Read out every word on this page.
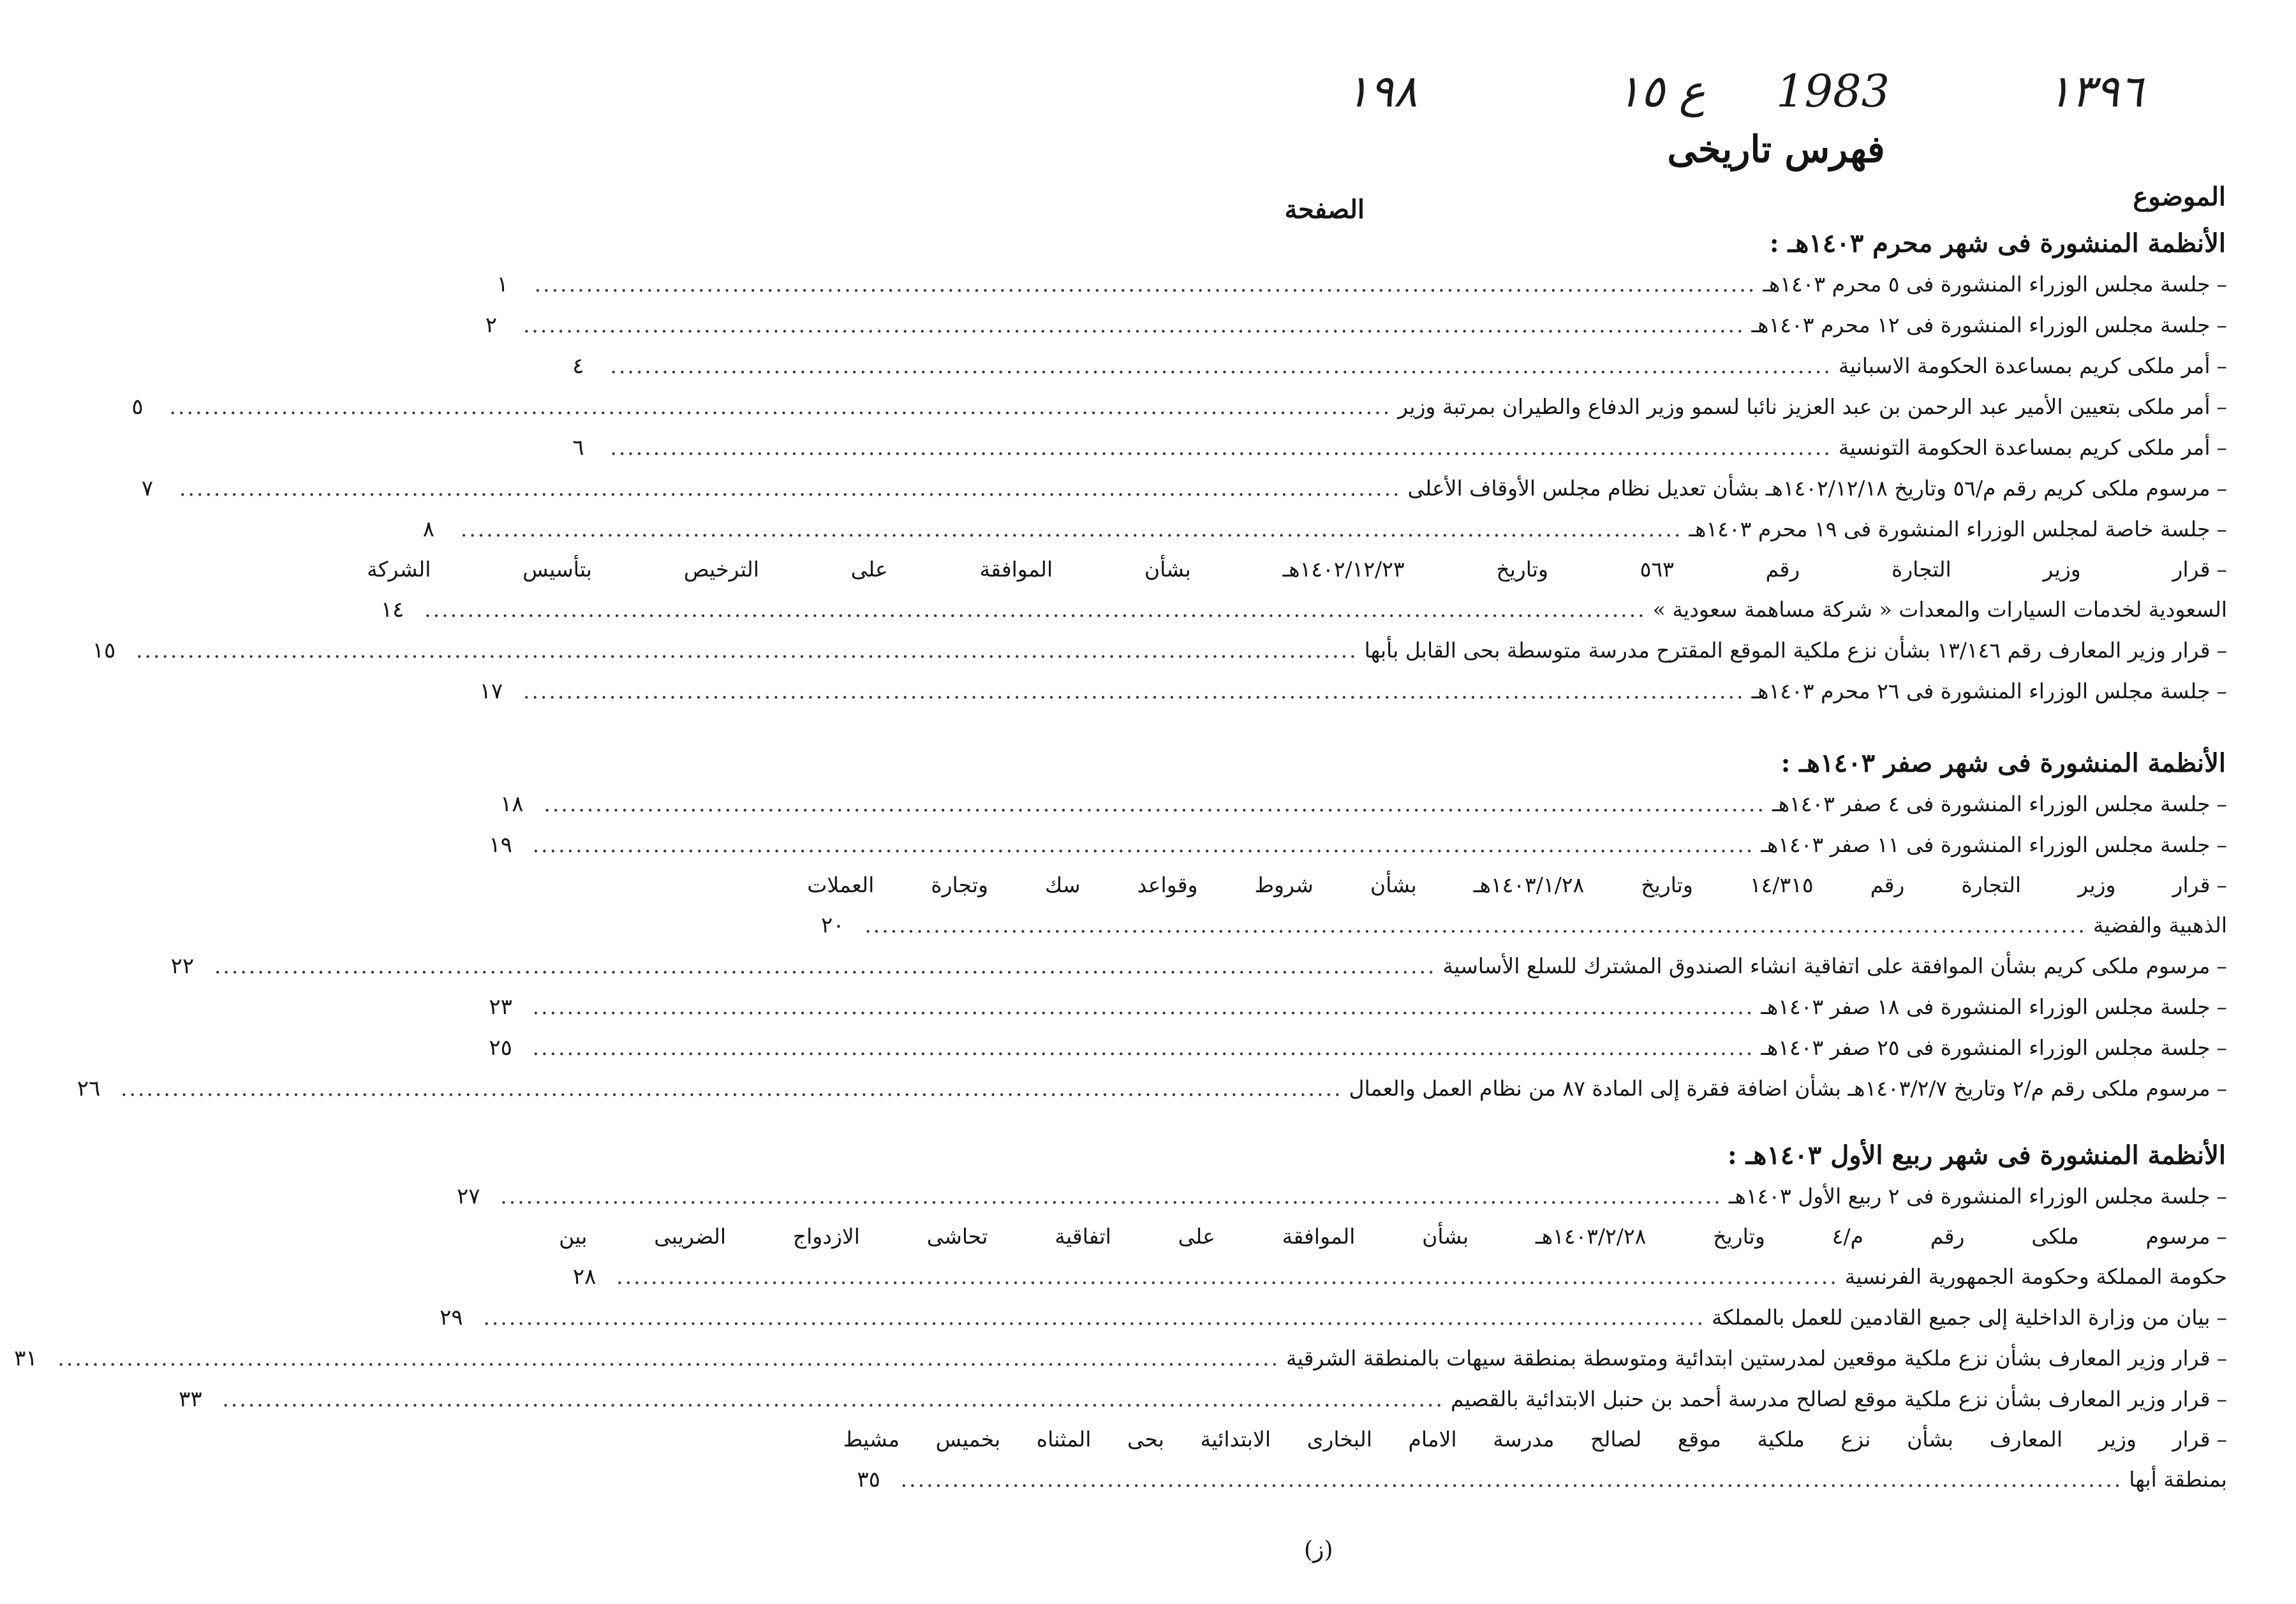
١٩٨	ع ١٥ 1983	١٣٩٦
فهرس تاريخى
الموضوع
الصفحة
الأنظمة المنشورة فى شهر محرم ١٤٠٣هـ :
–جلسة مجلس الوزراء المنشورة فى ٥ محرم ١٤٠٣هـ
..............................................................................................................................................
١
–جلسة مجلس الوزراء المنشورة فى ١٢ محرم ١٤٠٣هـ
..............................................................................................................................................
٢
–أمر ملكى كريم بمساعدة الحكومة الاسبانية
..............................................................................................................................................
٤
–أمر ملكى بتعيين الأمير عبد الرحمن بن عبد العزيز نائبا لسمو وزير الدفاع والطيران بمرتبة وزير
..............................................................................................................................................
٥
–أمر ملكى كريم بمساعدة الحكومة التونسية
..............................................................................................................................................
٦
–مرسوم ملكى كريم رقم م/٥٦ وتاريخ ١٤٠٢/١٢/١٨هـ بشأن تعديل نظام مجلس الأوقاف الأعلى
..............................................................................................................................................
٧
–جلسة خاصة لمجلس الوزراء المنشورة فى ١٩ محرم ١٤٠٣هـ
..............................................................................................................................................
٨
–قرار وزير التجارة رقم ٥٦٣ وتاريخ ١٤٠٢/١٢/٢٣هـ بشأن الموافقة على الترخيص بتأسيس الشركة
السعودية لخدمات السيارات والمعدات « شركة مساهمة سعودية »
..............................................................................................................................................
١٤
–قرار وزير المعارف رقم ١٣/١٤٦ بشأن نزع ملكية الموقع المقترح مدرسة متوسطة بحى القابل بأبها
..............................................................................................................................................
١٥
–جلسة مجلس الوزراء المنشورة فى ٢٦ محرم ١٤٠٣هـ
..............................................................................................................................................
١٧
الأنظمة المنشورة فى شهر صفر ١٤٠٣هـ :
–جلسة مجلس الوزراء المنشورة فى ٤ صفر ١٤٠٣هـ
..............................................................................................................................................
١٨
–جلسة مجلس الوزراء المنشورة فى ١١ صفر ١٤٠٣هـ
..............................................................................................................................................
١٩
–قرار وزير التجارة رقم ١٤/٣١٥ وتاريخ ١٤٠٣/١/٢٨هـ بشأن شروط وقواعد سك وتجارة العملات
الذهبية والفضية
..............................................................................................................................................
٢٠
–مرسوم ملكى كريم بشأن الموافقة على اتفاقية انشاء الصندوق المشترك للسلع الأساسية
..............................................................................................................................................
٢٢
–جلسة مجلس الوزراء المنشورة فى ١٨ صفر ١٤٠٣هـ
..............................................................................................................................................
٢٣
–جلسة مجلس الوزراء المنشورة فى ٢٥ صفر ١٤٠٣هـ
..............................................................................................................................................
٢٥
–مرسوم ملكى رقم م/٢ وتاريخ ١٤٠٣/٢/٧هـ بشأن اضافة فقرة إلى المادة ٨٧ من نظام العمل والعمال
..............................................................................................................................................
٢٦
الأنظمة المنشورة فى شهر ربيع الأول ١٤٠٣هـ :
–جلسة مجلس الوزراء المنشورة فى ٢ ربيع الأول ١٤٠٣هـ
..............................................................................................................................................
٢٧
–مرسوم ملكى رقم م/٤ وتاريخ ١٤٠٣/٢/٢٨هـ بشأن الموافقة على اتفاقية تحاشى الازدواج الضريبى بين
حكومة المملكة وحكومة الجمهورية الفرنسية
..............................................................................................................................................
٢٨
–بيان من وزارة الداخلية إلى جميع القادمين للعمل بالمملكة
..............................................................................................................................................
٢٩
–قرار وزير المعارف بشأن نزع ملكية موقعين لمدرستين ابتدائية ومتوسطة بمنطقة سيهات بالمنطقة الشرقية
..............................................................................................................................................
٣١
–قرار وزير المعارف بشأن نزع ملكية موقع لصالح مدرسة أحمد بن حنبل الابتدائية بالقصيم
..............................................................................................................................................
٣٣
–قرار وزير المعارف بشأن نزع ملكية موقع لصالح مدرسة الامام البخارى الابتدائية بحى المثناه بخميس مشيط
بمنطقة أبها
..............................................................................................................................................
٣٥
(ز)
